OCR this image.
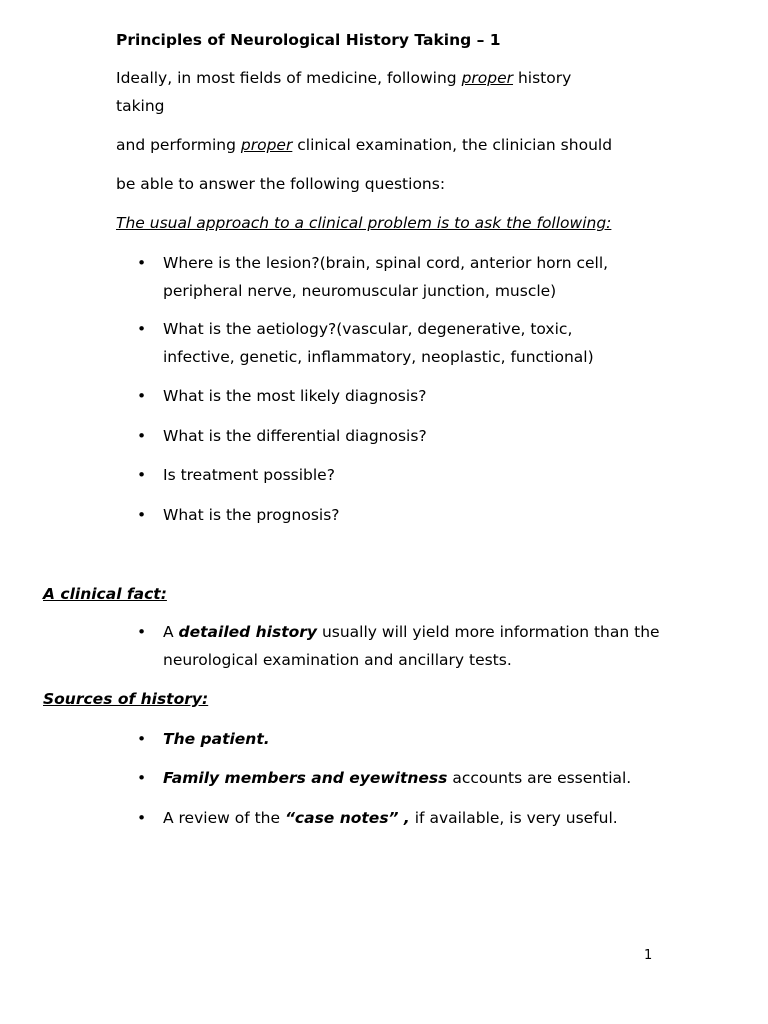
Principles of Neurological History Taking – 1
Ideally, in most fields of medicine, following proper history
taking
and performing proper clinical examination, the clinician should
be able to answer the following questions:
The usual approach to a clinical problem is to ask the following:
•	Where is the lesion?(brain, spinal cord, anterior horn cell,
peripheral nerve, neuromuscular junction, muscle)
•	What is the aetiology?(vascular, degenerative, toxic,
infective, genetic, inflammatory, neoplastic, functional)
•	What is the most likely diagnosis?
•	What is the differential diagnosis?
•	Is treatment possible?
•	What is the prognosis?
A clinical fact:
•	A detailed history usually will yield more information than the
neurological examination and ancillary tests.
Sources of history:
•	The patient.
•	Family members and eyewitness accounts are essential.
•	A review of the “case notes” , if available, is very useful.
1
